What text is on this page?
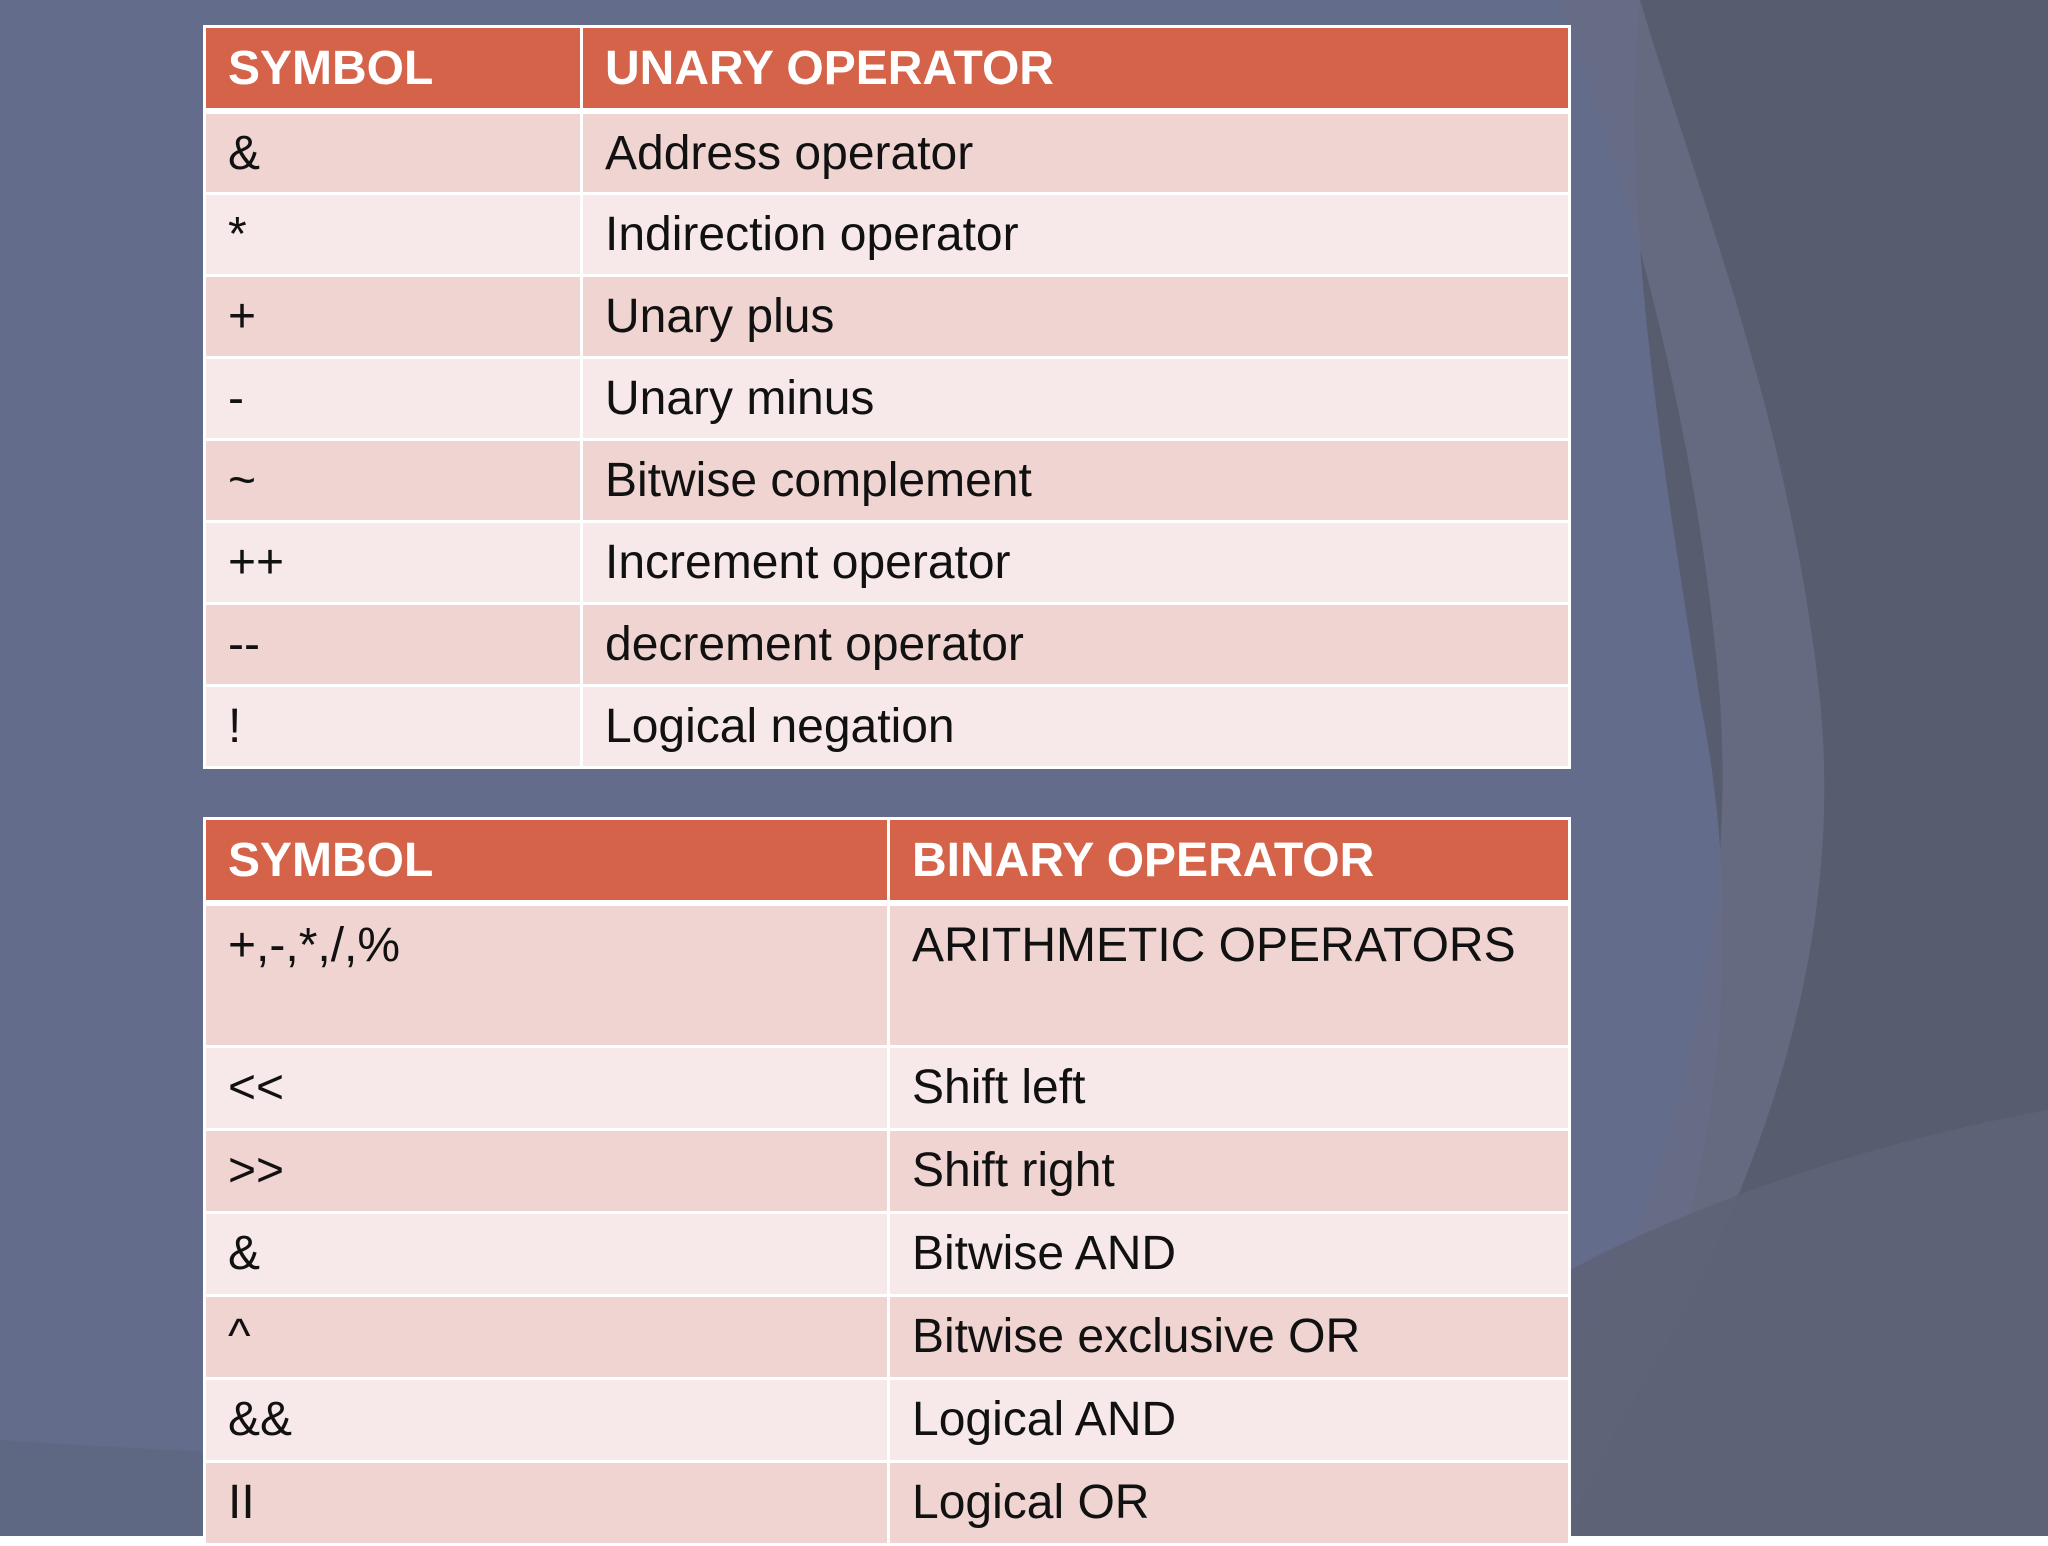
SYMBOL	UNARY OPERATOR
&	Address operator
*	Indirection operator
+	Unary plus
-	Unary minus
~	Bitwise complement
++	Increment operator
--	decrement operator
!	Logical negation
SYMBOL	BINARY OPERATOR
+,-,*,/,%	ARITHMETIC OPERATORS
<<	Shift left
>>	Shift right
&	Bitwise AND
^	Bitwise exclusive OR
&&	Logical AND
II	Logical OR
